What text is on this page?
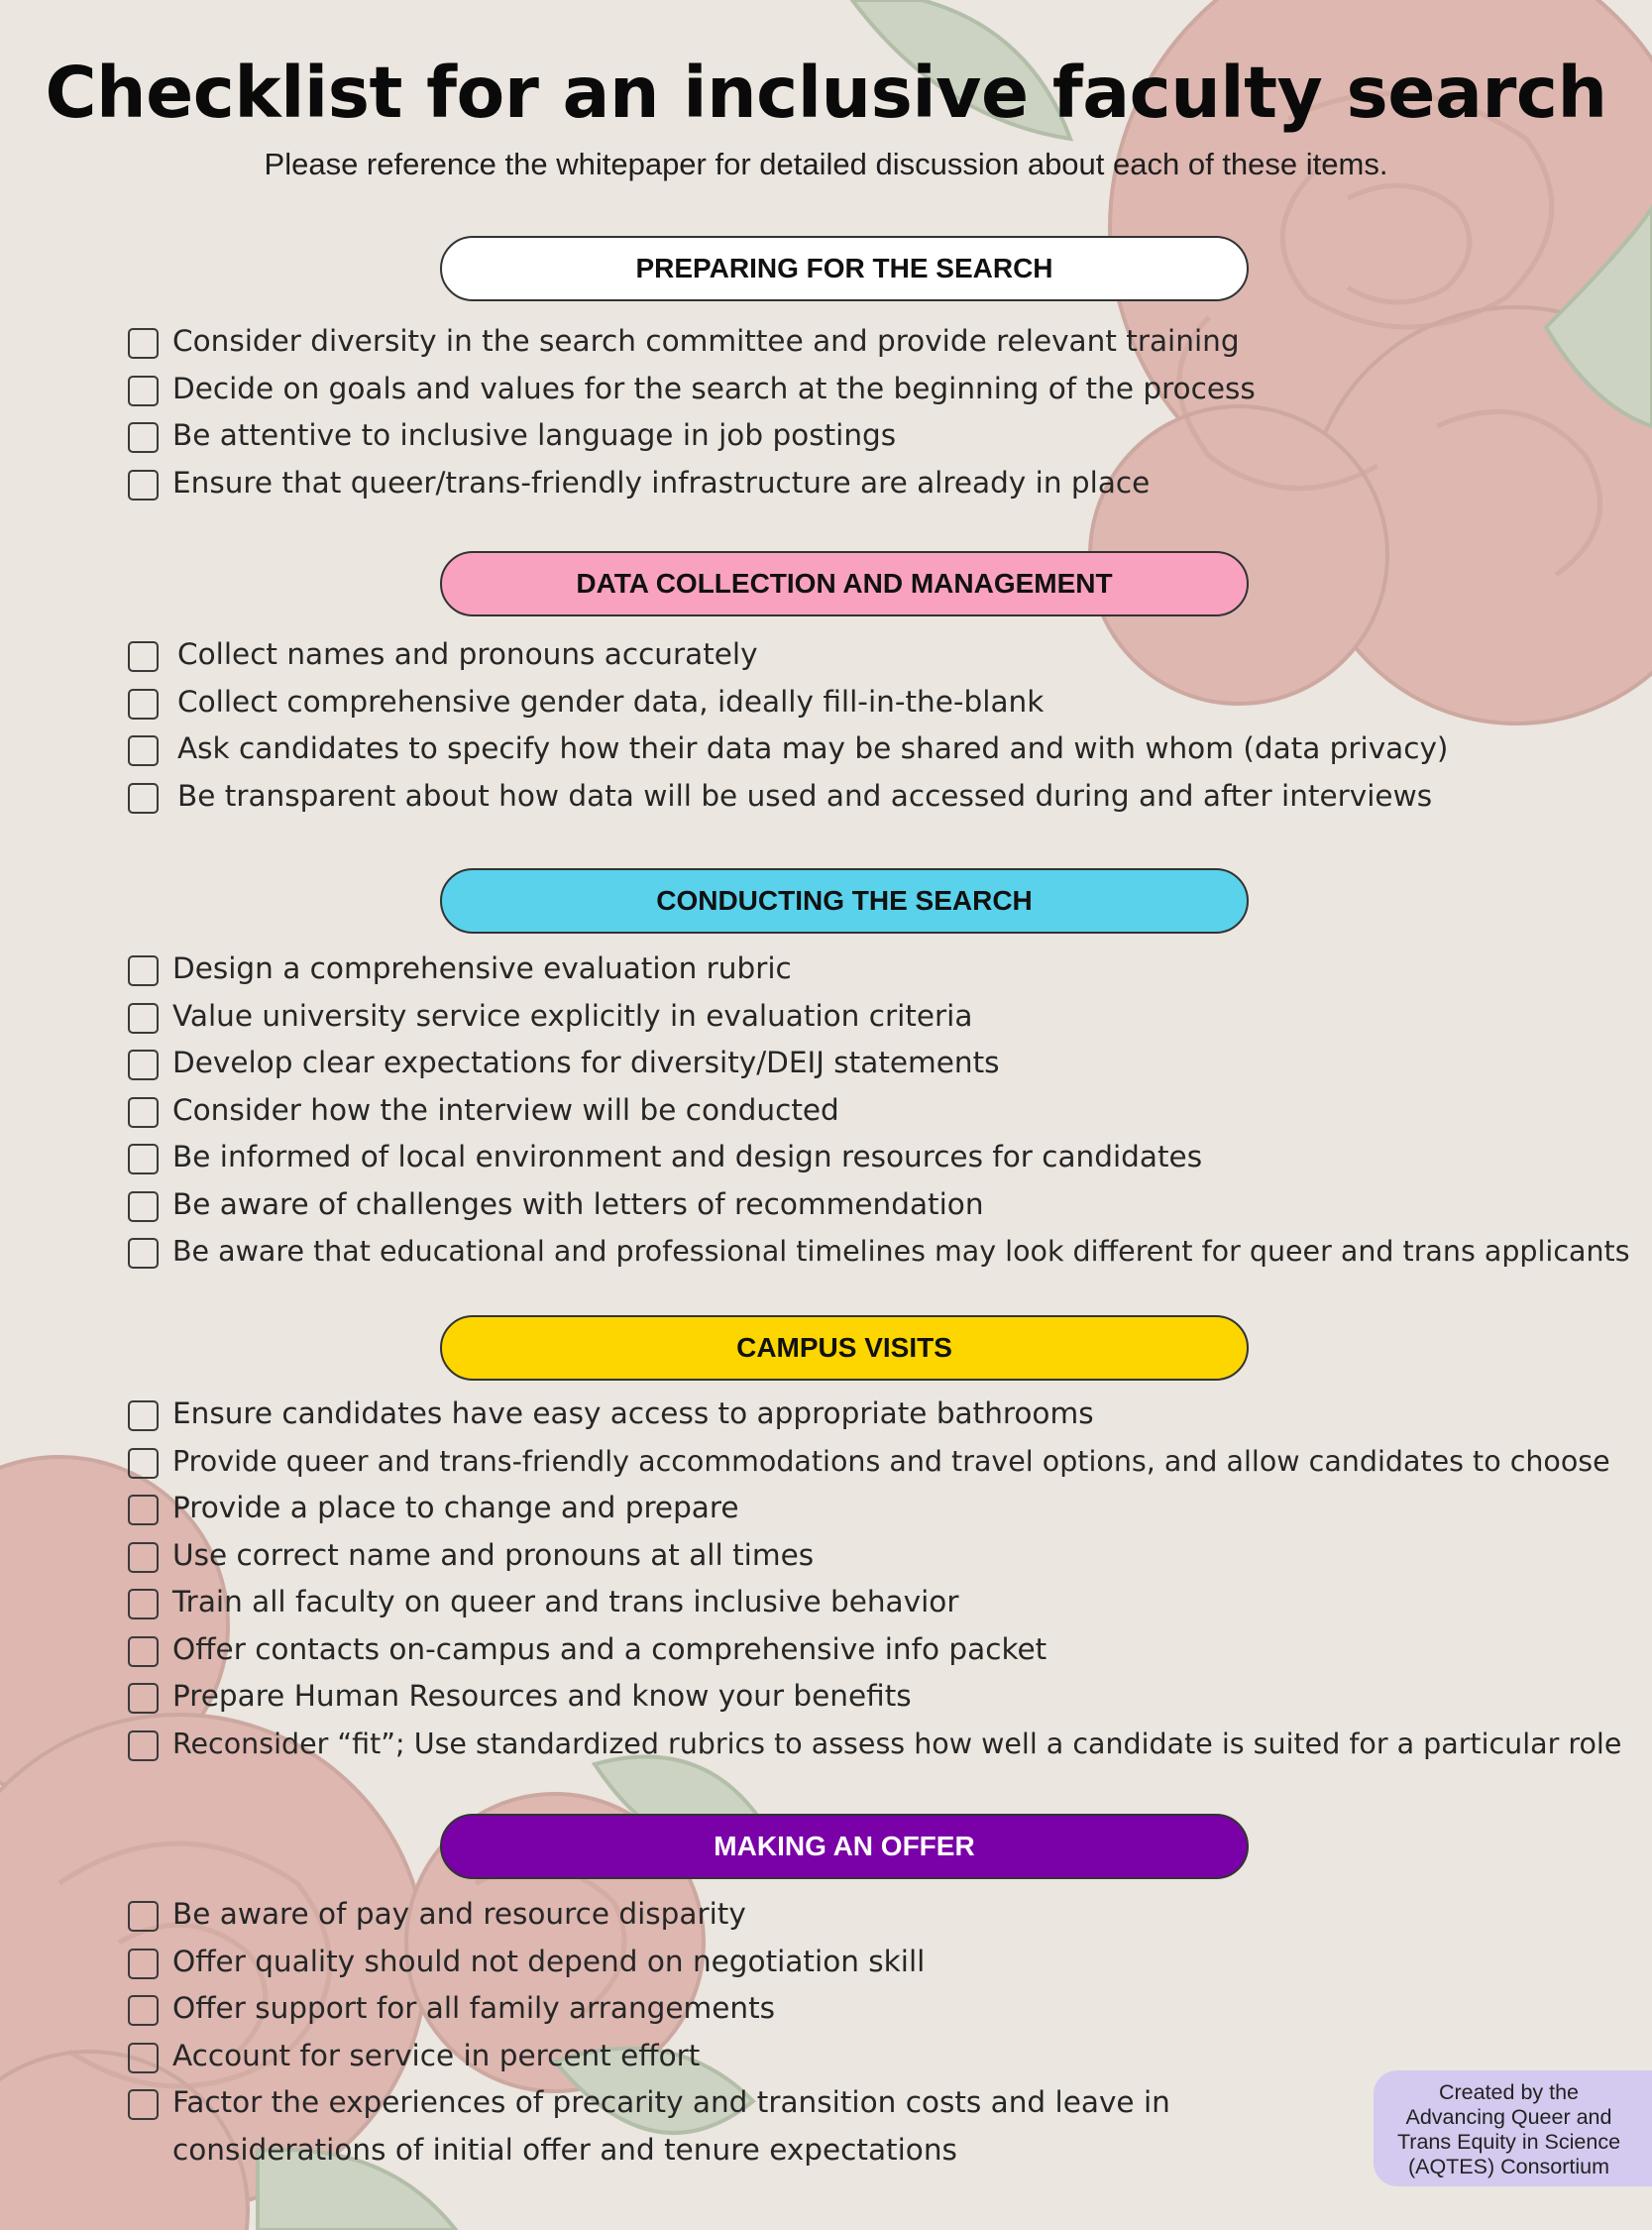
Checklist for an inclusive faculty search
Please reference the whitepaper for detailed discussion about each of these items.
PREPARING FOR THE SEARCH
Consider diversity in the search committee and provide relevant training
Decide on goals and values for the search at the beginning of the process
Be attentive to inclusive language in job postings
Ensure that queer/trans-friendly infrastructure are already in place
DATA COLLECTION AND MANAGEMENT
Collect names and pronouns accurately
Collect comprehensive gender data, ideally fill-in-the-blank
Ask candidates to specify how their data may be shared and with whom (data privacy)
Be transparent about how data will be used and accessed during and after interviews
CONDUCTING THE SEARCH
Design a comprehensive evaluation rubric
Value university service explicitly in evaluation criteria
Develop clear expectations for diversity/DEIJ statements
Consider how the interview will be conducted
Be informed of local environment and design resources for candidates
Be aware of challenges with letters of recommendation
Be aware that educational and professional timelines may look different for queer and trans applicants
CAMPUS VISITS
Ensure candidates have easy access to appropriate bathrooms
Provide queer and trans-friendly accommodations and travel options, and allow candidates to choose
Provide a place to change and prepare
Use correct name and pronouns at all times
Train all faculty on queer and trans inclusive behavior
Offer contacts on-campus and a comprehensive info packet
Prepare Human Resources and know your benefits
Reconsider “fit”; Use standardized rubrics to assess how well a candidate is suited for a particular role
MAKING AN OFFER
Be aware of pay and resource disparity
Offer quality should not depend on negotiation skill
Offer support for all family arrangements
Account for service in percent effort
Factor the experiences of precarity and transition costs and leave in considerations of initial offer and tenure expectations
Created by the
Advancing Queer and
Trans Equity in Science
(AQTES) Consortium
